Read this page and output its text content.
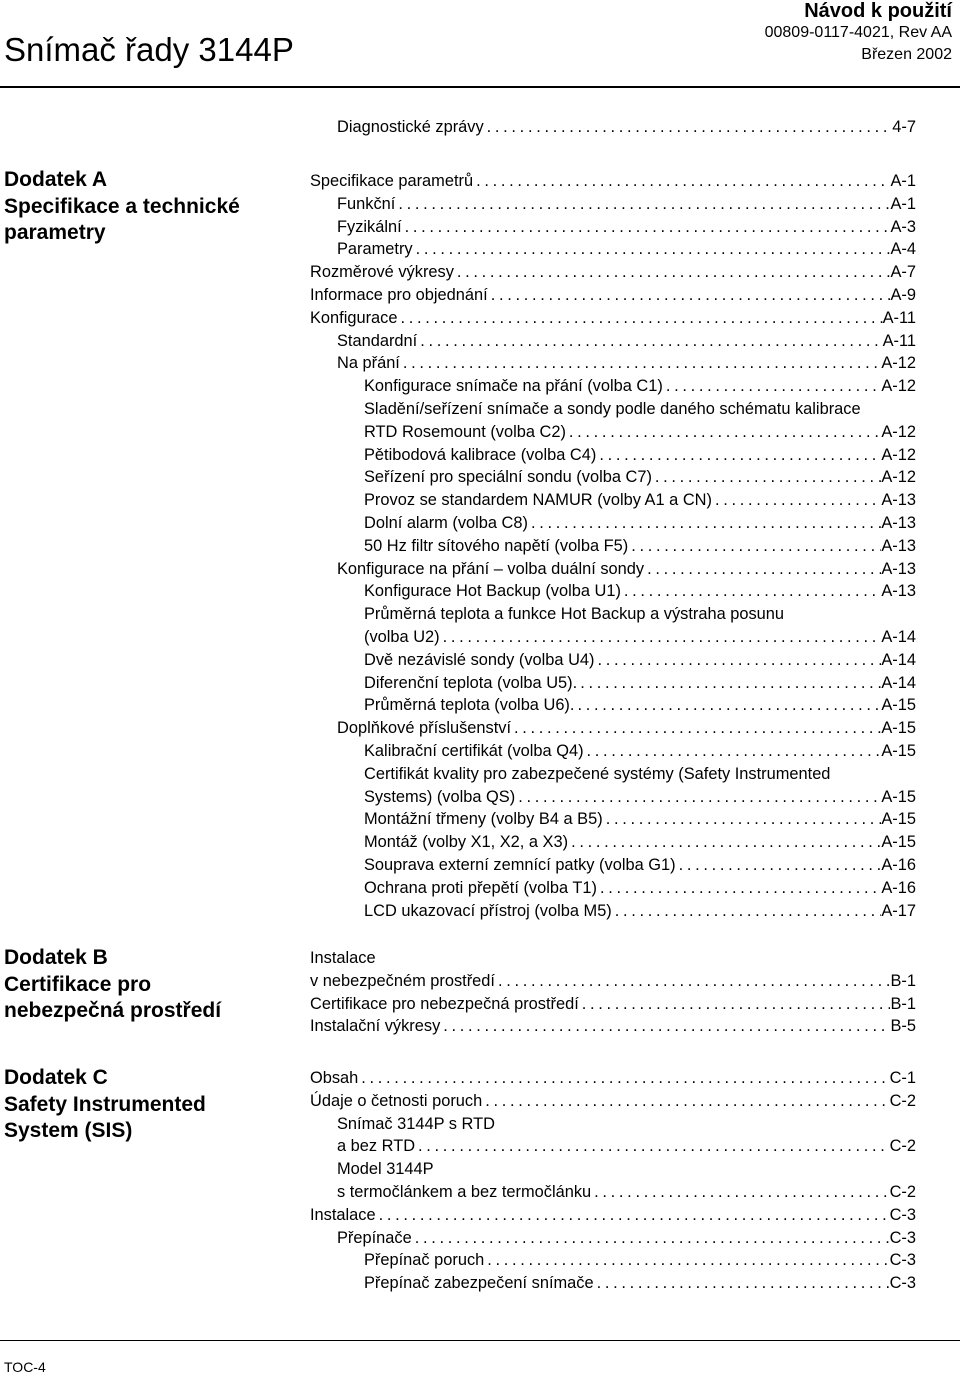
Snímač řady 3144P
Návod k použití
00809-0117-4021, Rev AA
Březen 2002
Diagnostické zprávy .....	4-7
Dodatek A
Specifikace a technické
parametry
Specifikace parametrů .....	A-1
Funkční .....	A-1
Fyzikální .....	A-3
Parametry .....	A-4
Rozměrové výkresy .....	A-7
Informace pro objednání .....	A-9
Konfigurace .....	A-11
Standardní .....	A-11
Na přání .....	A-12
Konfigurace snímače na přání (volba C1) .....	A-12
Sladění/seřízení snímače a sondy podle daného schématu kalibrace
RTD Rosemount (volba C2) .....	A-12
Pětibodová kalibrace (volba C4) .....	A-12
Seřízení pro speciální sondu (volba C7) .....	A-12
Provoz se standardem NAMUR (volby A1 a CN) .....	A-13
Dolní alarm (volba C8) .....	A-13
50 Hz filtr sítového napětí (volba F5) .....	A-13
Konfigurace na přání – volba duální sondy .....	A-13
Konfigurace Hot Backup (volba U1) .....	A-13
Průměrná teplota a funkce Hot Backup a výstraha posunu
(volba U2) .....	A-14
Dvě nezávislé sondy (volba U4) .....	A-14
Diferenční teplota (volba U5). .....	A-14
Průměrná teplota (volba U6). .....	A-15
Doplňkové příslušenství .....	A-15
Kalibrační certifikát (volba Q4) .....	A-15
Certifikát kvality pro zabezpečené systémy (Safety Instrumented
Systems) (volba QS) .....	A-15
Montážní třmeny (volby B4 a B5) .....	A-15
Montáž (volby X1, X2, a X3) .....	A-15
Souprava externí zemnící patky (volba G1) .....	A-16
Ochrana proti přepětí (volba T1) .....	A-16
LCD ukazovací přístroj (volba M5) .....	A-17
Dodatek B
Certifikace pro
nebezpečná prostředí
Instalace
v nebezpečném prostředí .....	B-1
Certifikace pro nebezpečná prostředí .....	B-1
Instalační výkresy .....	B-5
Dodatek C
Safety Instrumented
System (SIS)
Obsah .....	C-1
Údaje o četnosti poruch .....	C-2
Snímač 3144P s RTD
a bez RTD .....	C-2
Model 3144P
s termočlánkem a bez termočlánku .....	C-2
Instalace .....	C-3
Přepínače .....	C-3
Přepínač poruch .....	C-3
Přepínač zabezpečení snímače .....	C-3
TOC-4
